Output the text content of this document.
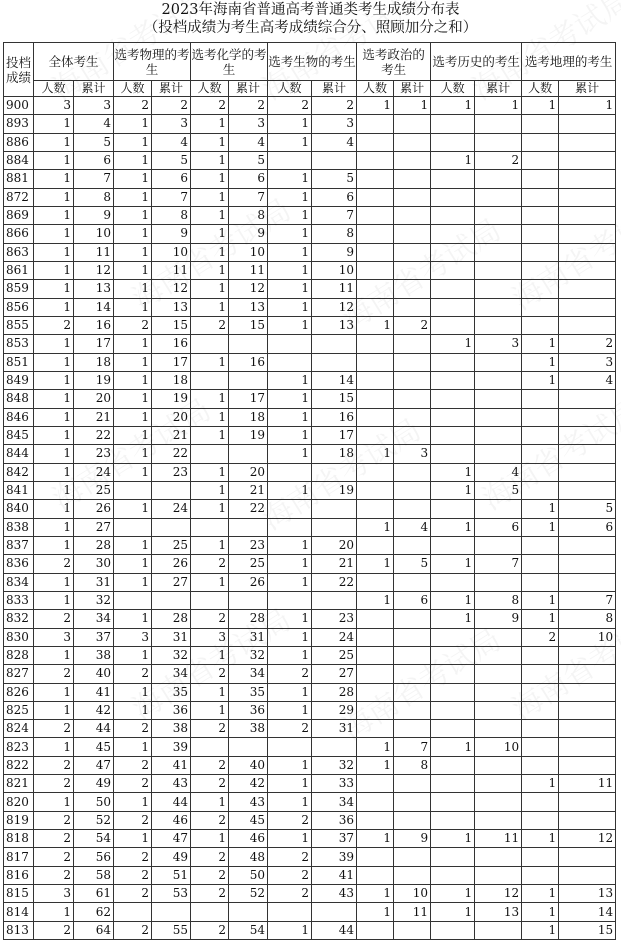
2023年海南省普通高考普通类考生成绩分布表
（投档成绩为考生高考成绩综合分、照顾加分之和）
投档成绩	全体考生		选考物理的考生		选考化学的考生		选考生物的考生		选考政治的考生		选考历史的考生		选考地理的考生	
	人数	累计	人数	累计	人数	累计	人数	累计	人数	累计	人数	累计	人数	累计
900	3	3	2	2	2	2	2	2	1	1	1	1	1	1
893	1	4	1	3	1	3	1	3						
886	1	5	1	4	1	4	1	4						
884	1	6	1	5	1	5					1	2		
881	1	7	1	6	1	6	1	5						
872	1	8	1	7	1	7	1	6						
869	1	9	1	8	1	8	1	7						
866	1	10	1	9	1	9	1	8						
863	1	11	1	10	1	10	1	9						
861	1	12	1	11	1	11	1	10						
859	1	13	1	12	1	12	1	11						
856	1	14	1	13	1	13	1	12						
855	2	16	2	15	2	15	1	13	1	2				
853	1	17	1	16							1	3	1	2
851	1	18	1	17	1	16							1	3
849	1	19	1	18			1	14					1	4
848	1	20	1	19	1	17	1	15						
846	1	21	1	20	1	18	1	16						
845	1	22	1	21	1	19	1	17						
844	1	23	1	22			1	18	1	3				
842	1	24	1	23	1	20					1	4		
841	1	25			1	21	1	19			1	5		
840	1	26	1	24	1	22							1	5
838	1	27							1	4	1	6	1	6
837	1	28	1	25	1	23	1	20						
836	2	30	1	26	2	25	1	21	1	5	1	7		
834	1	31	1	27	1	26	1	22						
833	1	32							1	6	1	8	1	7
832	2	34	1	28	2	28	1	23			1	9	1	8
830	3	37	3	31	3	31	1	24					2	10
828	1	38	1	32	1	32	1	25						
827	2	40	2	34	2	34	2	27						
826	1	41	1	35	1	35	1	28						
825	1	42	1	36	1	36	1	29						
824	2	44	2	38	2	38	2	31						
823	1	45	1	39					1	7	1	10		
822	2	47	2	41	2	40	1	32	1	8				
821	2	49	2	43	2	42	1	33					1	11
820	1	50	1	44	1	43	1	34						
819	2	52	2	46	2	45	2	36						
818	2	54	1	47	1	46	1	37	1	9	1	11	1	12
817	2	56	2	49	2	48	2	39						
816	2	58	2	51	2	50	2	41						
815	3	61	2	53	2	52	2	43	1	10	1	12	1	13
814	1	62							1	11	1	13	1	14
813	2	64	2	55	2	54	1	44					1	15
